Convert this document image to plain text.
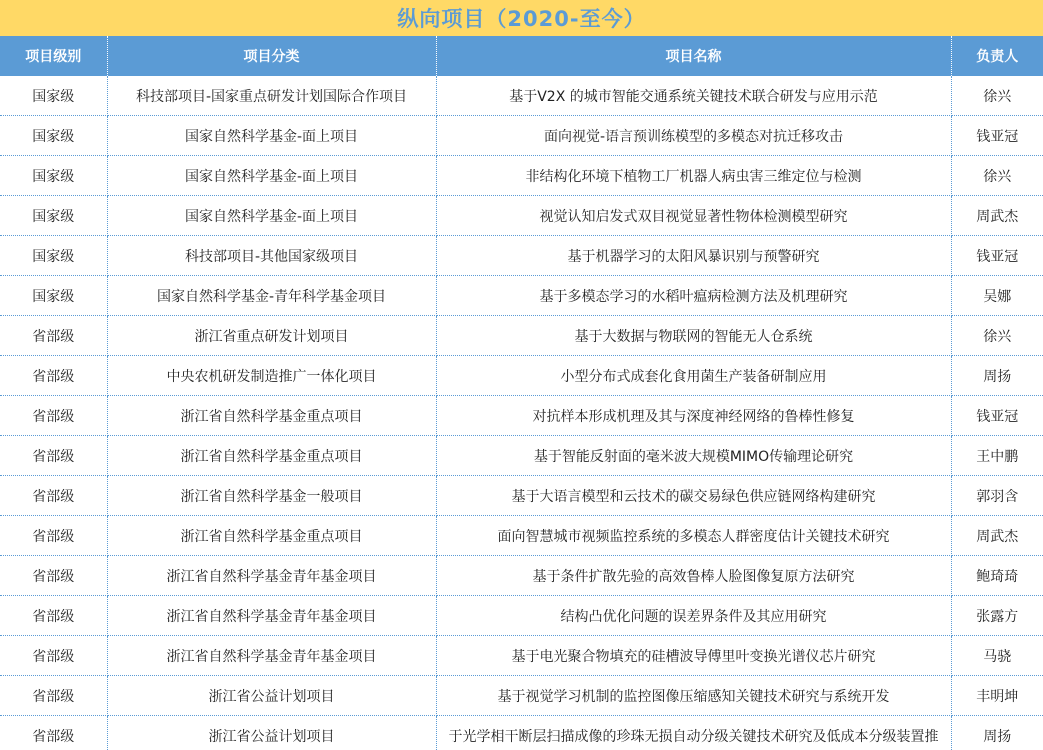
纵向项目（2020-至今）
项目级别	项目分类	项目名称	负责人
国家级	科技部项目-国家重点研发计划国际合作项目	基于V2X 的城市智能交通系统关键技术联合研发与应用示范	徐兴
国家级	国家自然科学基金-面上项目	面向视觉-语言预训练模型的多模态对抗迁移攻击	钱亚冠
国家级	国家自然科学基金-面上项目	非结构化环境下植物工厂机器人病虫害三维定位与检测	徐兴
国家级	国家自然科学基金-面上项目	视觉认知启发式双目视觉显著性物体检测模型研究	周武杰
国家级	科技部项目-其他国家级项目	基于机器学习的太阳风暴识别与预警研究	钱亚冠
国家级	国家自然科学基金-青年科学基金项目	基于多模态学习的水稻叶瘟病检测方法及机理研究	吴娜
省部级	浙江省重点研发计划项目	基于大数据与物联网的智能无人仓系统	徐兴
省部级	中央农机研发制造推广一体化项目	小型分布式成套化食用菌生产装备研制应用	周扬
省部级	浙江省自然科学基金重点项目	对抗样本形成机理及其与深度神经网络的鲁棒性修复	钱亚冠
省部级	浙江省自然科学基金重点项目	基于智能反射面的毫米波大规模MIMO传输理论研究	王中鹏
省部级	浙江省自然科学基金一般项目	基于大语言模型和云技术的碳交易绿色供应链网络构建研究	郭羽含
省部级	浙江省自然科学基金重点项目	面向智慧城市视频监控系统的多模态人群密度估计关键技术研究	周武杰
省部级	浙江省自然科学基金青年基金项目	基于条件扩散先验的高效鲁棒人脸图像复原方法研究	鲍琦琦
省部级	浙江省自然科学基金青年基金项目	结构凸优化问题的误差界条件及其应用研究	张露方
省部级	浙江省自然科学基金青年基金项目	基于电光聚合物填充的硅槽波导傅里叶变换光谱仪芯片研究	马骁
省部级	浙江省公益计划项目	基于视觉学习机制的监控图像压缩感知关键技术研究与系统开发	丰明坤
省部级	浙江省公益计划项目	于光学相干断层扫描成像的珍珠无损自动分级关键技术研究及低成本分级装置推	周扬
